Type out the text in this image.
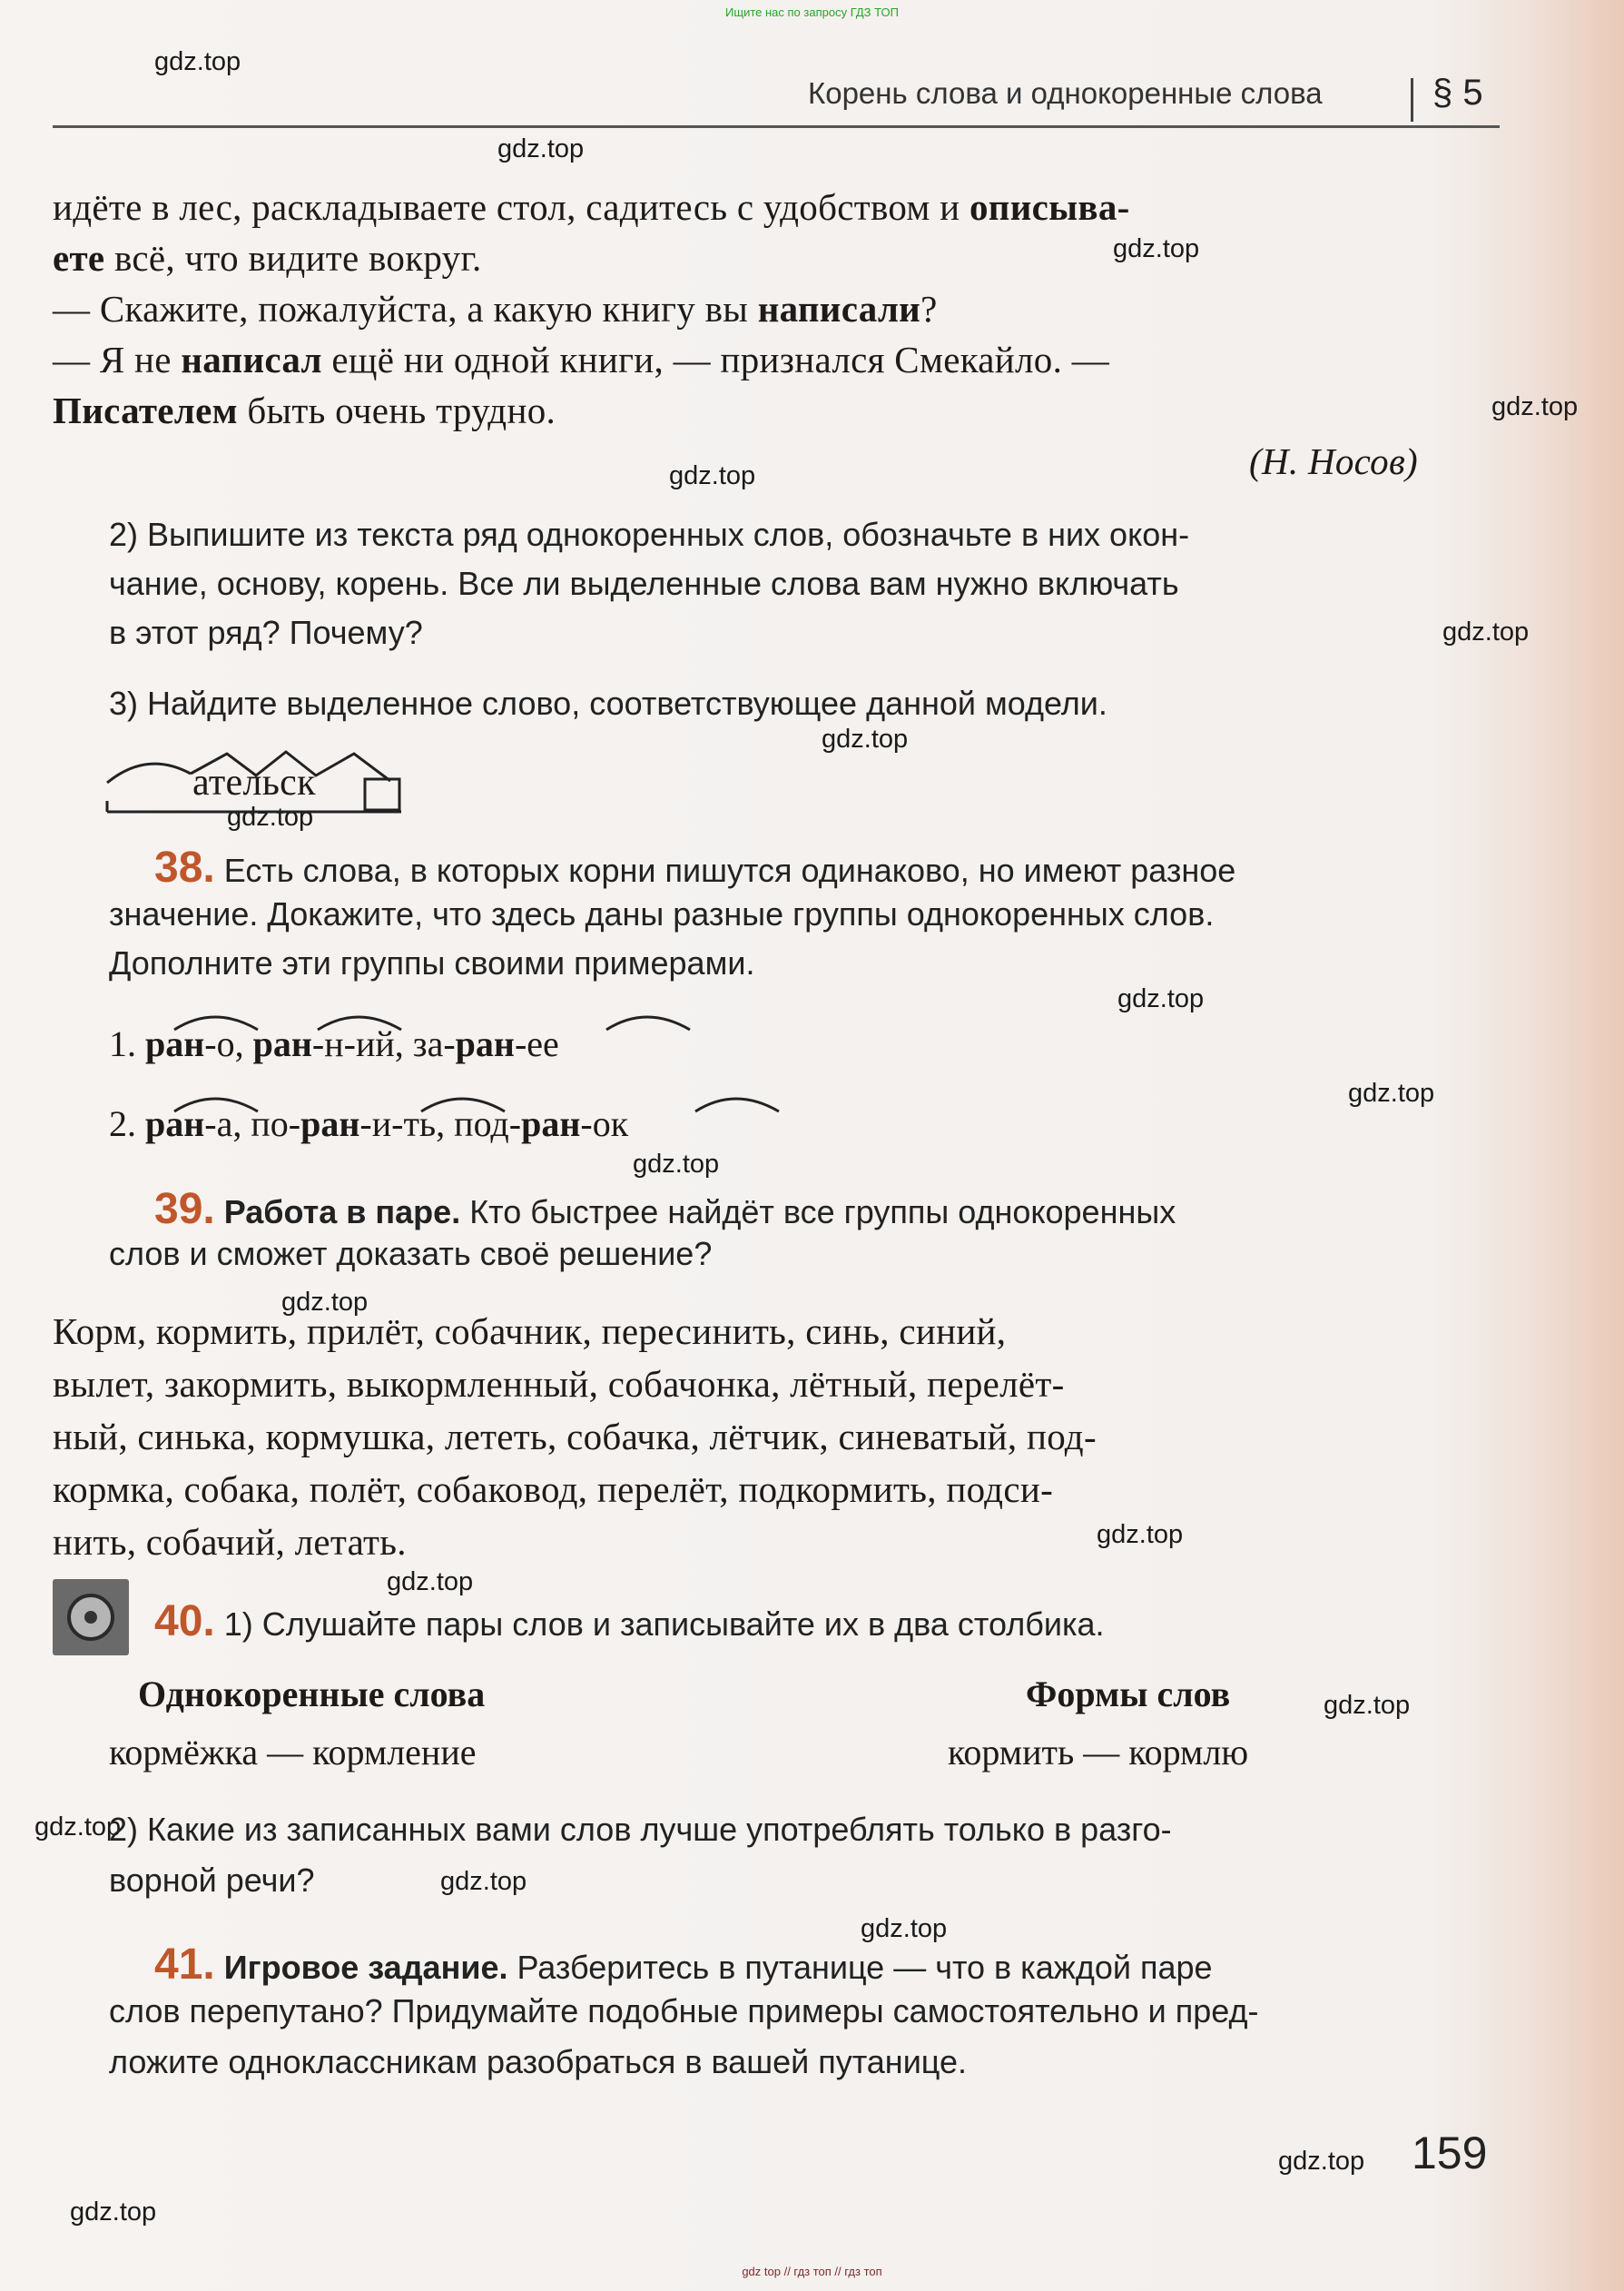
Ищите нас по запросу ГДЗ ТОП
Корень слова и однокоренные слова	§ 5
gdz.top
gdz.top
gdz.top
gdz.top
gdz.top
gdz.top
gdz.top
gdz.top
gdz.top
gdz.top
gdz.top
gdz.top
gdz.top
gdz.top
gdz.top
gdz.top
gdz.top
gdz.top
gdz.top
gdz.top
идёте в лес, раскладываете стол, садитесь с удобством и описыва-
ете всё, что видите вокруг.
— Скажите, пожалуйста, а какую книгу вы написали?
— Я не написал ещё ни одной книги, — признался Смекайло. —
Писателем быть очень трудно.
(Н. Носов)
2) Выпишите из текста ряд однокоренных слов, обозначьте в них окон-
чание, основу, корень. Все ли выделенные слова вам нужно включать
в этот ряд? Почему?
3) Найдите выделенное слово, соответствующее данной модели.
ательск
38. Есть слова, в которых корни пишутся одинаково, но имеют разное
значение. Докажите, что здесь даны разные группы однокоренных слов.
Дополните эти группы своими примерами.
1. ран-о, ран-н-ий, за-ран-ее
2. ран-а, по-ран-и-ть, под-ран-ок
39. Работа в паре. Кто быстрее найдёт все группы однокоренных
слов и сможет доказать своё решение?
Корм, кормить, прилёт, собачник, пересинить, синь, синий,
вылет, закормить, выкормленный, собачонка, лётный, перелёт-
ный, синька, кормушка, лететь, собачка, лётчик, синеватый, под-
кормка, собака, полёт, собаковод, перелёт, подкормить, подси-
нить, собачий, летать.
40. 1) Слушайте пары слов и записывайте их в два столбика.
Однокоренные слова	Формы слов
кормёжка — кормление	кормить — кормлю
2) Какие из записанных вами слов лучше употреблять только в разго-
ворной речи?
41. Игровое задание. Разберитесь в путанице — что в каждой паре
слов перепутано? Придумайте подобные примеры самостоятельно и пред-
ложите одноклассникам разобраться в вашей путанице.
159
gdz top // гдз топ // гдз топ
